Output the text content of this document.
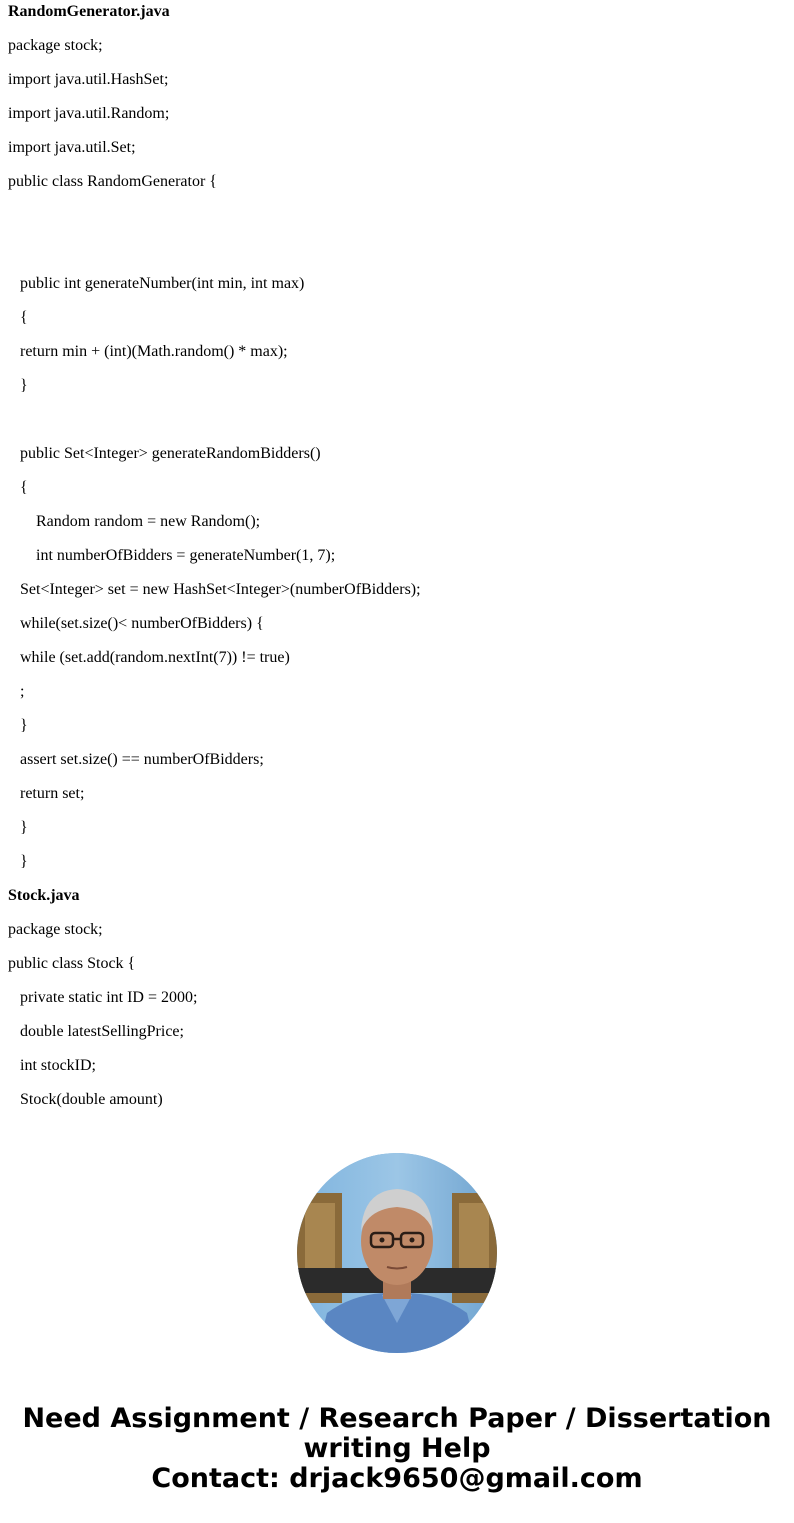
RandomGenerator.java
package stock;
import java.util.HashSet;
import java.util.Random;
import java.util.Set;
public class RandomGenerator {
public int generateNumber(int min, int max)
{
return min + (int)(Math.random() * max);
}
public Set<Integer> generateRandomBidders()
{
Random random = new Random();
int numberOfBidders = generateNumber(1, 7);
Set<Integer> set = new HashSet<Integer>(numberOfBidders);
while(set.size()< numberOfBidders) {
while (set.add(random.nextInt(7)) != true)
;
}
assert set.size() == numberOfBidders;
return set;
}
}
Stock.java
package stock;
public class Stock {
private static int ID = 2000;
double latestSellingPrice;
int stockID;
Stock(double amount)
Need Assignment / Research Paper / Dissertation
writing Help
Contact: drjack9650@gmail.com
